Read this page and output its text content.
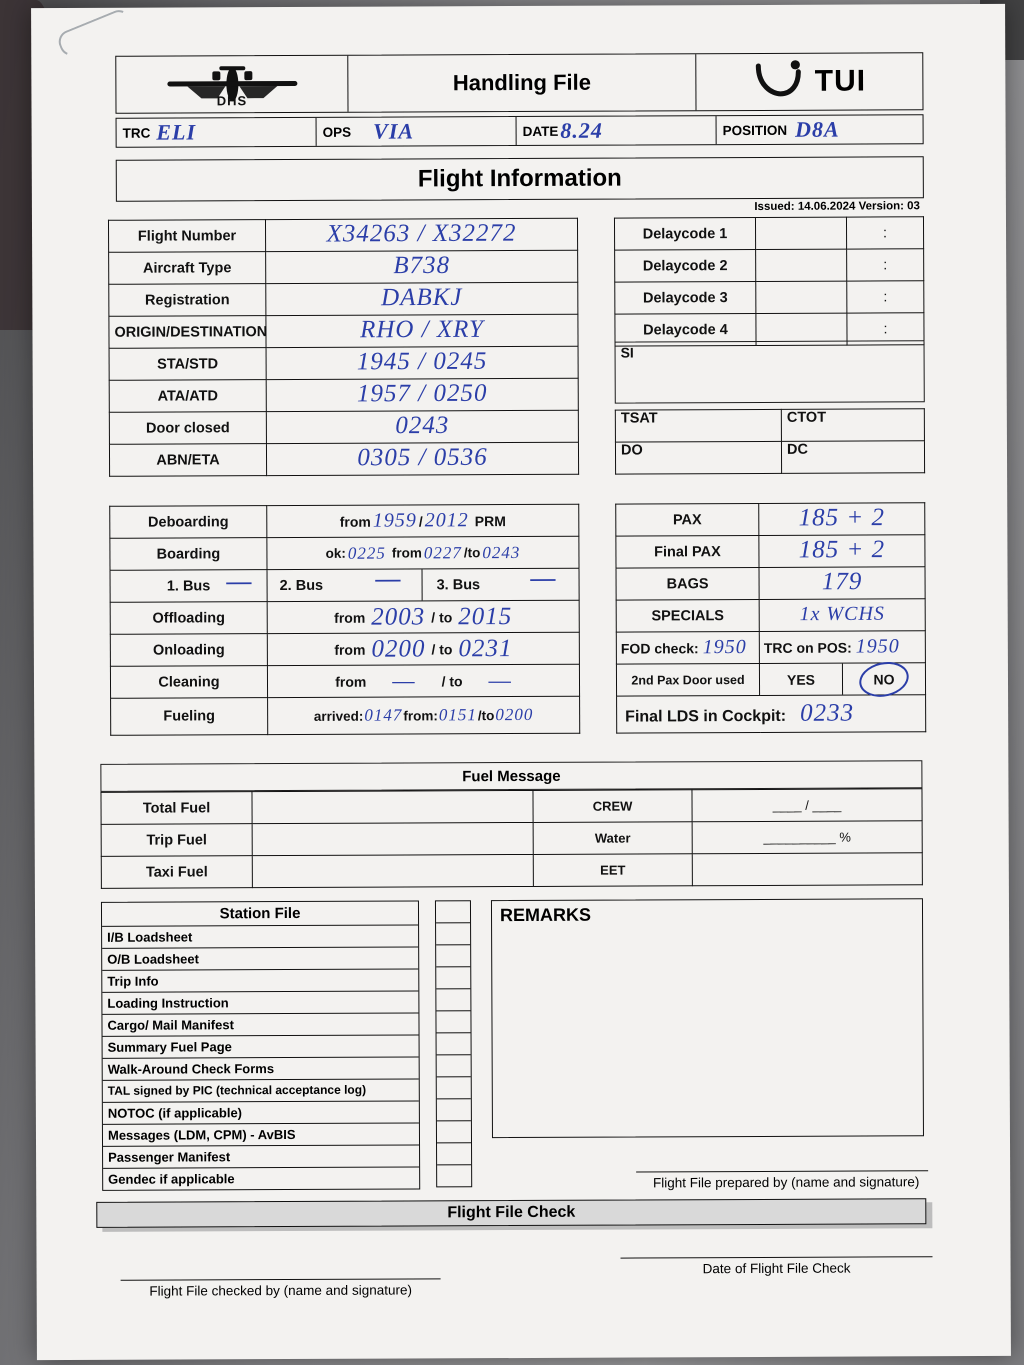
DHS
Handling File	TUI
TRC ELI	OPS VIA	DATE 8.24	POSITION D8A
Flight Information
Issued: 14.06.2024 Version: 03
Flight Number	X34263 / X32272

Aircraft Type	B738

Registration	DABKJ

ORIGIN/DESTINATION	RHO / XRY

STA/STD	1945 / 0245

ATA/ATD	1957 / 0250

Door closed	0243

ABN/ETA	0305 / 0536
Delaycode 1		:
Delaycode 2		:
Delaycode 3		:
Delaycode 4		:
SI
TSAT	CTOT
DO	DC
Deboarding	from 1959 / 2012 PRM

Boarding	ok: 0225 from 0227 /to 0243

1. Bus —	2. Bus — 3. Bus —

Offloading	from 2003 / to 2015

Onloading	from 0200 / to 0231

Cleaning	from — / to —

Fueling	arrived: 0147 from: 0151 /to 0200
PAX	185 + 2

Final PAX	185 + 2

BAGS	179

SPECIALS	1x WCHS

FOD check: 1950	TRC on POS: 1950
2nd Pax Door used	YES NO

Final LDS in Cockpit: 0233	
Fuel Message
Total Fuel		CREW	____ / ____
Trip Fuel		Water	__________ %
Taxi Fuel		EET	
Station File
I/B Loadsheet
O/B Loadsheet
Trip Info
Loading Instruction
Cargo/ Mail Manifest
Summary Fuel Page
Walk-Around Check Forms
TAL signed by PIC (technical acceptance log)
NOTOC (if applicable)
Messages (LDM, CPM) - AvBIS
Passenger Manifest
Gendec if applicable
REMARKS
Flight File prepared by (name and signature)
Flight File Check
Flight File checked by (name and signature)
Date of Flight File Check
